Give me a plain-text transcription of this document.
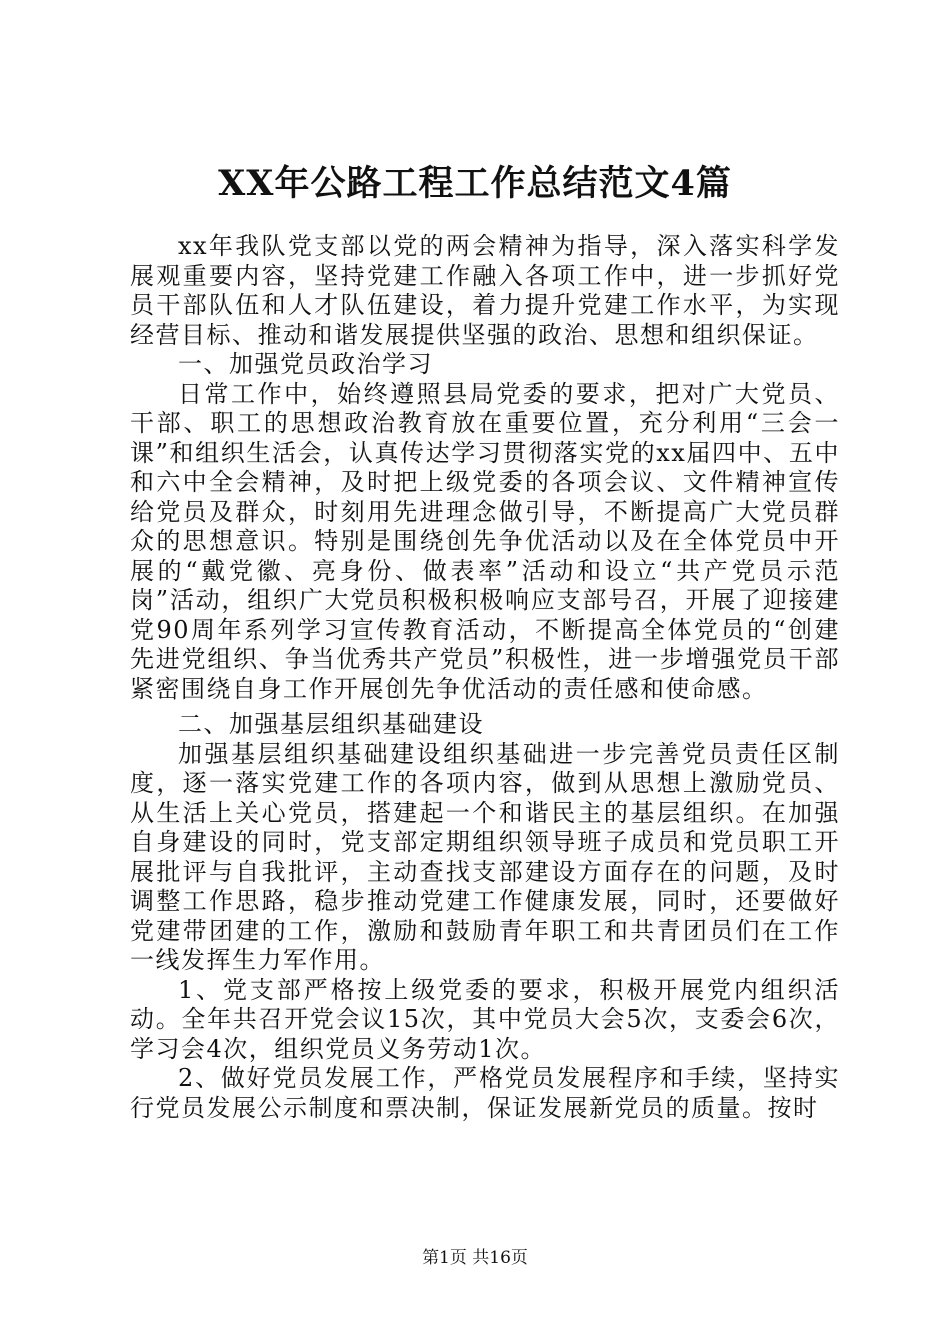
XX年公路工程工作总结范文4篇

xx年我队党支部以党的两会精神为指导，深入落实科学发展观重要内容，坚持党建工作融入各项工作中，进一步抓好党员干部队伍和人才队伍建设，着力提升党建工作水平，为实现经营目标、推动和谐发展提供坚强的政治、思想和组织保证。

一、加强党员政治学习

日常工作中，始终遵照县局党委的要求，把对广大党员、干部、职工的思想政治教育放在重要位置，充分利用“三会一课”和组织生活会，认真传达学习贯彻落实党的xx届四中、五中和六中全会精神，及时把上级党委的各项会议、文件精神宣传给党员及群众，时刻用先进理念做引导，不断提高广大党员群众的思想意识。特别是围绕创先争优活动以及在全体党员中开展的“戴党徽、亮身份、做表率”活动和设立“共产党员示范岗”活动，组织广大党员积极积极响应支部号召，开展了迎接建党90周年系列学习宣传教育活动，不断提高全体党员的“创建先进党组织、争当优秀共产党员”积极性，进一步增强党员干部紧密围绕自身工作开展创先争优活动的责任感和使命感。

二、加强基层组织基础建设

加强基层组织基础建设组织基础进一步完善党员责任区制度，逐一落实党建工作的各项内容，做到从思想上激励党员、从生活上关心党员，搭建起一个和谐民主的基层组织。在加强自身建设的同时，党支部定期组织领导班子成员和党员职工开展批评与自我批评，主动查找支部建设方面存在的问题，及时调整工作思路，稳步推动党建工作健康发展，同时，还要做好党建带团建的工作，激励和鼓励青年职工和共青团员们在工作一线发挥生力军作用。

1、党支部严格按上级党委的要求，积极开展党内组织活动。全年共召开党会议15次，其中党员大会5次，支委会6次，学习会4次，组织党员义务劳动1次。

2、做好党员发展工作，严格党员发展程序和手续，坚持实行党员发展公示制度和票决制，保证发展新党员的质量。按时

第1页 共16页
